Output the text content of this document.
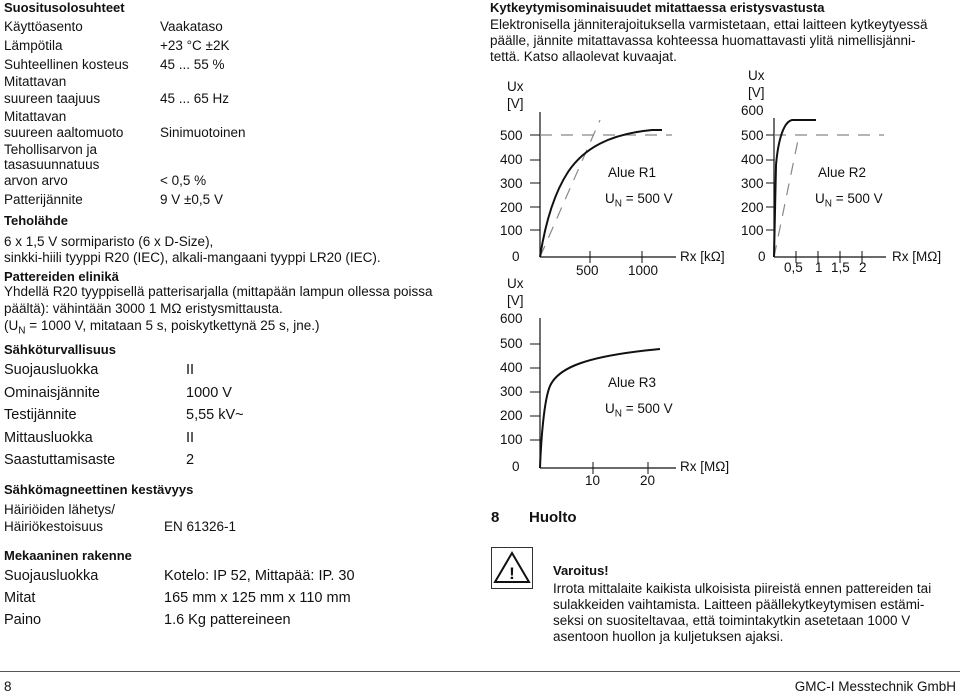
Suositusolosuhteet
Käyttöasento	Vaakataso
Lämpötila	+23 °C ±2K
Suhteellinen kosteus 45 ... 55 %
Mitattavan
suureen taajuus	45 ... 65 Hz
Mitattavan
suureen aaltomuoto	Sinimuotoinen
Tehollisarvon ja
tasasuunnatuus
arvon arvo	< 0,5 %
Patterijännite	9 V ±0,5 V
Teholähde
6 x 1,5 V sormiparisto (6 x D-Size),
sinkki-hiili tyyppi R20 (IEC), alkali-mangaani tyyppi LR20 (IEC).
Pattereiden elinikä
Yhdellä R20 tyyppisellä patterisarjalla (mittapään lampun ollessa poissa
päältä): vähintään 3000 1 MΩ eristysmittausta.
($U_N = 1000$ V, mitataan 5 s, poiskytkettynä 25 s, jne.)
Sähköturvallisuus
Suojausluokka	II
Ominaisjännite	1000 V
Testijännite	5,55 kV~
Mittausluokka	II
Saastuttamisaste	2
Sähkömagneettinen kestävyys
Häiriöiden lähetys/
Häiriökestoisuus	EN 61326-1
Mekaaninen rakenne
Suojausluokka	Kotelo: IP 52, Mittapää: IP. 30
Mitat	165 mm x 125 mm x 110 mm
Paino	1.6 Kg pattereineen
Kytkeytymisominaisuudet mitattaessa eristysvastusta
Elektronisella jänniterajoituksella varmistetaan, ettai laitteen kytkeytyessä
päälle, jännite mitattavassa kohteessa huomattavasti ylitä nimellisjänni-
tettä. Katso allaolevat kuvaajat.
Ux
[V]
500
400
300
200
100
0
500 1000
Rx [kΩ]
Alue R1
$U_N = 500$ V
Ux
[V]
600
500
400
300
200
100
0
0,5 1 1,5 2
Rx [MΩ]
Alue R2
$U_N = 500$ V
Ux
[V]
600
500
400
300
200
100
0
10	20
Rx [MΩ]
Alue R3
$U_N = 500$ V
8 Huolto
!	Varoitus!
Irrota mittalaite kaikista ulkoisista piireistä ennen pattereiden tai
sulakkeiden vaihtamista. Laitteen päällekytkeytymisen estämi-
seksi on suositeltavaa, että toimintakytkin asetetaan 1000 V
asentoon huollon ja kuljetuksen ajaksi.
8	GMC-I Messtechnik GmbH
